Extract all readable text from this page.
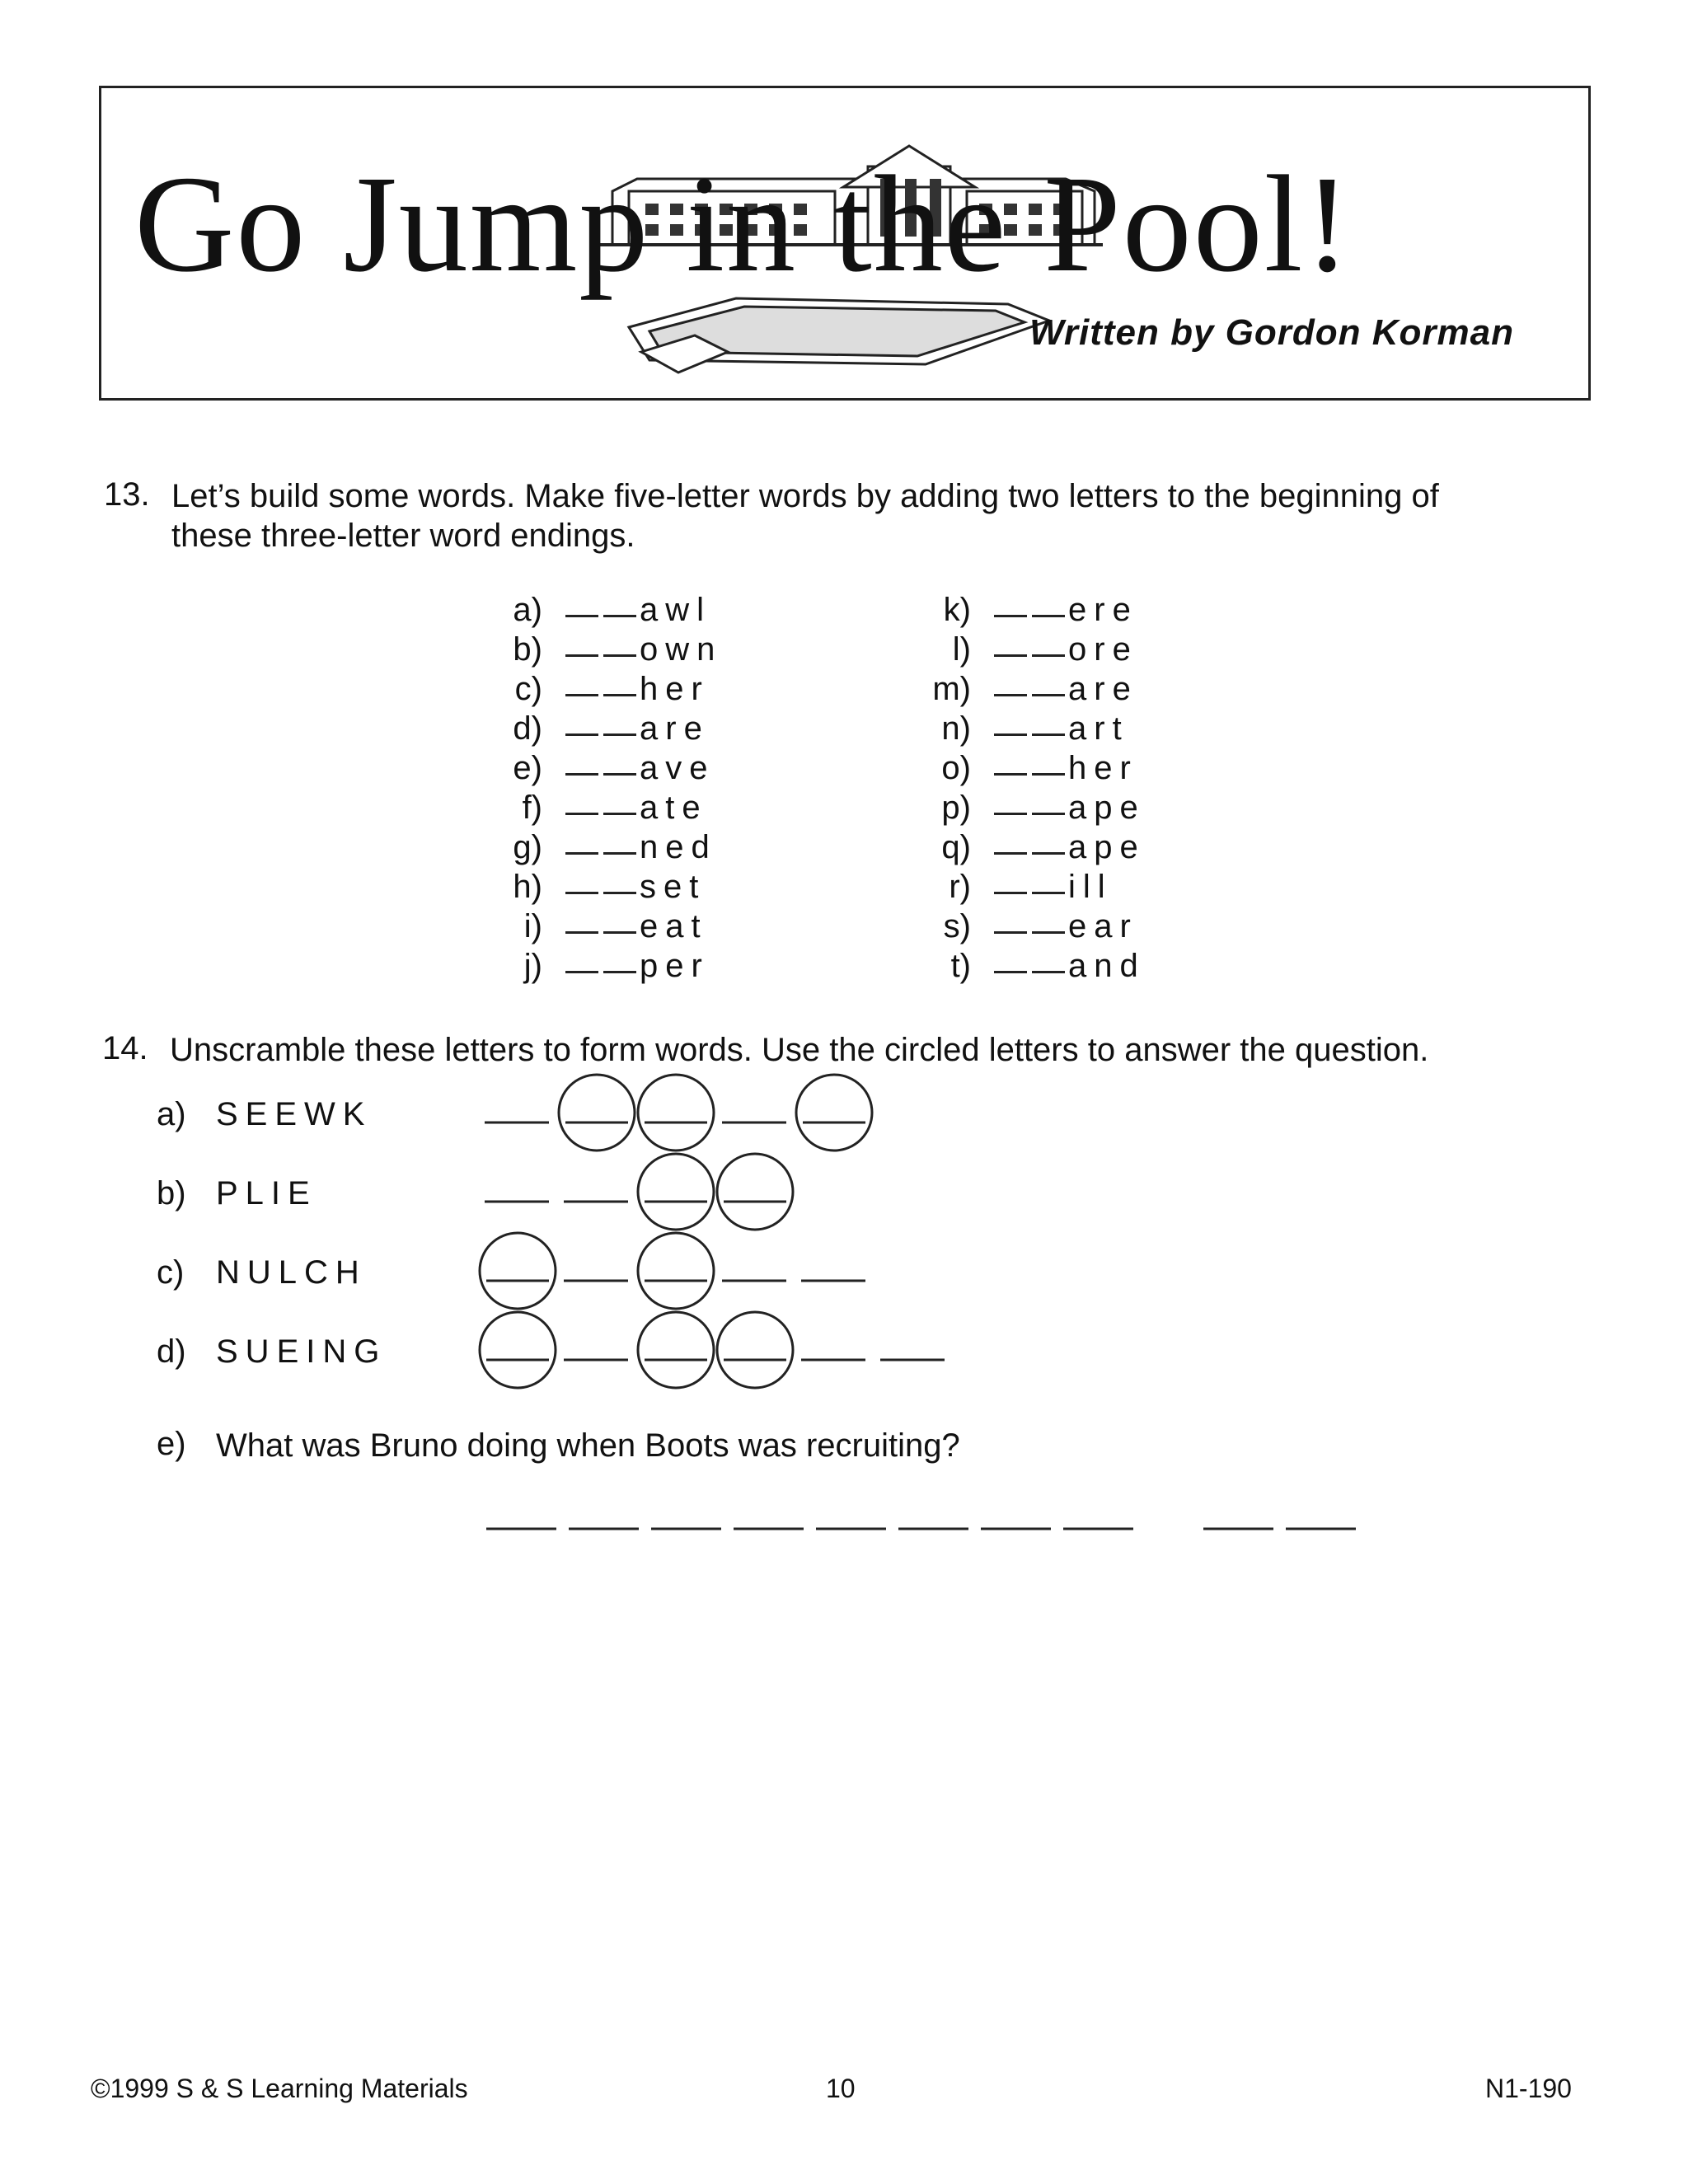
Go Jump in the Pool!
Written by Gordon Korman
13. Let’s build some words. Make five-letter words by adding two letters to the beginning of
these three-letter word endings.
a)	awl
b)	own
c)	her
d)	are
e)	ave
f)	ate
g)	ned
h)	set
i)	eat
j)	per
k)	ere
l)	ore
m)	are
n)	art
o)	her
p)	ape
q)	ape
r)	ill
s)	ear
t)	and
14. Unscramble these letters to form words. Use the circled letters to answer the question.
a) SEEWK
b) PLIE
c) NULCH
d) SUEING
e) What was Bruno doing when Boots was recruiting?
©1999 S & S Learning Materials	10	N1-190
